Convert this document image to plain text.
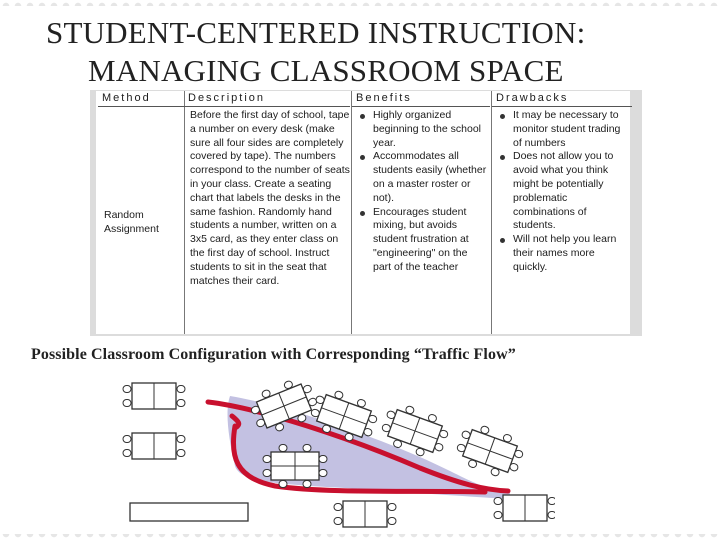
STUDENT-CENTERED INSTRUCTION:
MANAGING CLASSROOM SPACE
Method
Random Assignment
Description
Before the first day of school, tape a number on every desk (make sure all four sides are completely covered by tape). The numbers correspond to the number of seats in your class. Create a seating chart that labels the desks in the same fashion. Randomly hand students a number, written on a 3x5 card, as they enter class on the first day of school. Instruct students to sit in the seat that matches their card.
Benefits
Highly organized beginning to the school year.
Accommodates all students easily (whether on a master roster or not).
Encourages student mixing, but avoids student frustration at "engineering" on the part of the teacher
Drawbacks
It may be necessary to monitor student trading of numbers
Does not allow you to avoid what you think might be potentially problematic combinations of students.
Will not help you learn their names more quickly.
Possible Classroom Configuration with Corresponding “Traffic Flow”
